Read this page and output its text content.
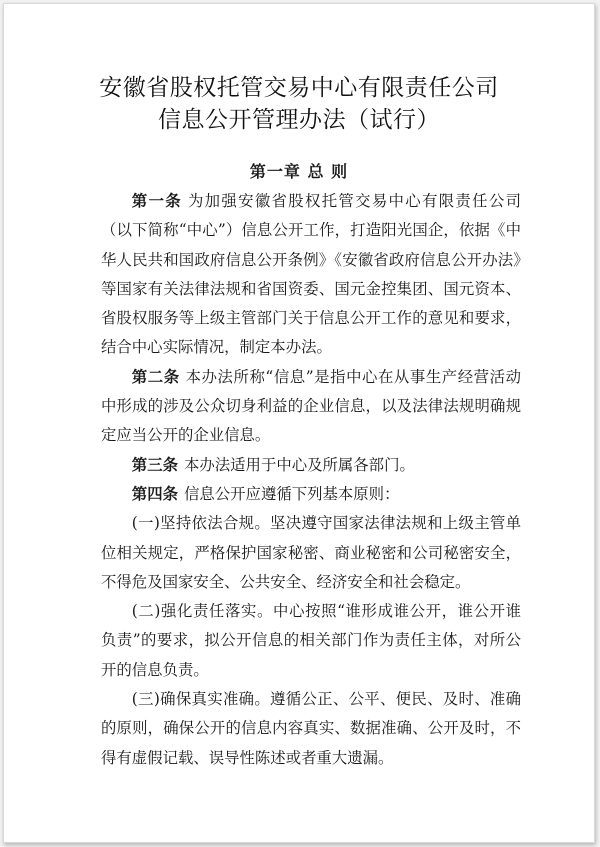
安徽省股权托管交易中心有限责任公司
信息公开管理办法（试行）
第一章 总 则

第一条 为加强安徽省股权托管交易中心有限责任公司（以下简称“中心”）信息公开工作，打造阳光国企，依据《中华人民共和国政府信息公开条例》《安徽省政府信息公开办法》等国家有关法律法规和省国资委、国元金控集团、国元资本、省股权服务等上级主管部门关于信息公开工作的意见和要求，结合中心实际情况，制定本办法。

第二条 本办法所称“信息”是指中心在从事生产经营活动中形成的涉及公众切身利益的企业信息，以及法律法规明确规定应当公开的企业信息。

第三条 本办法适用于中心及所属各部门。

第四条 信息公开应遵循下列基本原则：

(一)坚持依法合规。坚决遵守国家法律法规和上级主管单位相关规定，严格保护国家秘密、商业秘密和公司秘密安全，不得危及国家安全、公共安全、经济安全和社会稳定。

(二)强化责任落实。中心按照“谁形成谁公开，谁公开谁负责”的要求，拟公开信息的相关部门作为责任主体，对所公开的信息负责。

(三)确保真实准确。遵循公正、公平、便民、及时、准确的原则，确保公开的信息内容真实、数据准确、公开及时，不得有虚假记载、误导性陈述或者重大遗漏。
